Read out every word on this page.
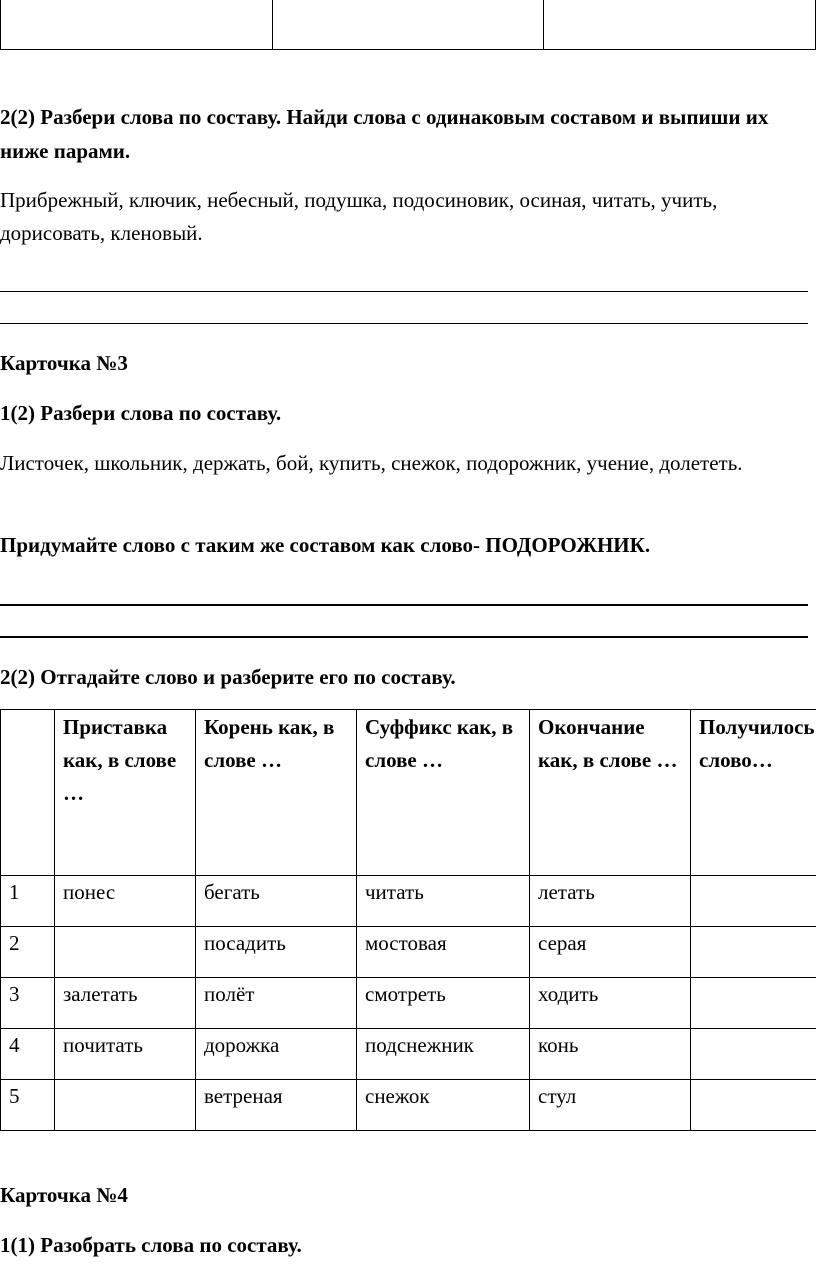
2(2) Разбери слова по составу. Найди слова с одинаковым составом и выпиши их ниже парами.
Прибрежный, ключик, небесный, подушка, подосиновик, осиная, читать, учить, дорисовать, кленовый.
Карточка №3
1(2) Разбери слова по составу.
Листочек, школьник, держать, бой, купить, снежок, подорожник, учение, долететь.
Придумайте слово с таким же составом как слово- ПОДОРОЖНИК.
2(2) Отгадайте слово и разберите его по составу.
	Приставка как, в слове …	Корень как, в слове …	Суффикс как, в слове …	Окончание как, в слове …	Получилось слово…
1	понес	бегать	читать	летать	
2		посадить	мостовая	серая	
3	залетать	полёт	смотреть	ходить	
4	почитать	дорожка	подснежник	конь	
5		ветреная	снежок	стул	
Карточка №4
1(1) Разобрать слова по составу.
